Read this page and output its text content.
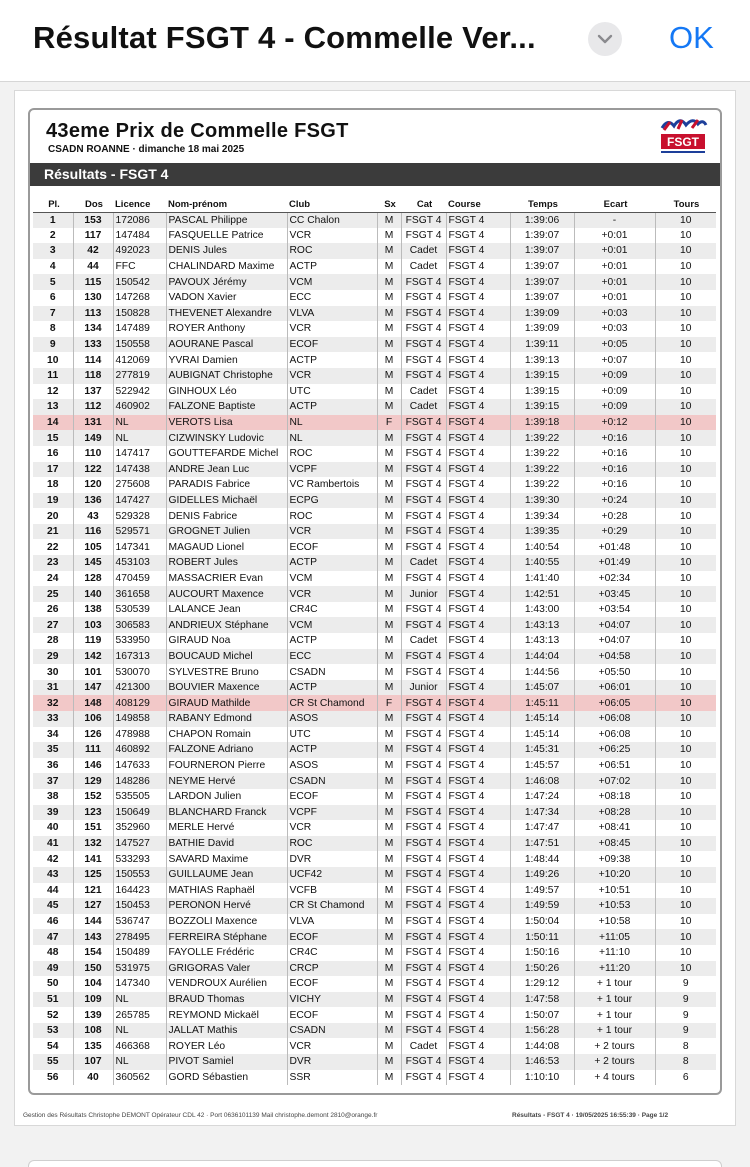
Résultat FSGT 4 - Commelle Ver...	OK
43eme Prix de Commelle FSGT
CSADN ROANNE · dimanche 18 mai 2025
FSGT
Résultats - FSGT 4
Pl.	Dos	Licence	Nom-prénom	Club	Sx	Cat	Course	Temps	Ecart	Tours
1	153	172086	PASCAL Philippe	CC Chalon	M	FSGT 4	FSGT 4	1:39:06	-	10
2	117	147484	FASQUELLE Patrice	VCR	M	FSGT 4	FSGT 4	1:39:07	+0:01	10
3	42	492023	DENIS Jules	ROC	M	Cadet	FSGT 4	1:39:07	+0:01	10
4	44	FFC	CHALINDARD Maxime	ACTP	M	Cadet	FSGT 4	1:39:07	+0:01	10
5	115	150542	PAVOUX Jérémy	VCM	M	FSGT 4	FSGT 4	1:39:07	+0:01	10
6	130	147268	VADON Xavier	ECC	M	FSGT 4	FSGT 4	1:39:07	+0:01	10
7	113	150828	THEVENET Alexandre	VLVA	M	FSGT 4	FSGT 4	1:39:09	+0:03	10
8	134	147489	ROYER Anthony	VCR	M	FSGT 4	FSGT 4	1:39:09	+0:03	10
9	133	150558	AOURANE Pascal	ECOF	M	FSGT 4	FSGT 4	1:39:11	+0:05	10
10	114	412069	YVRAI Damien	ACTP	M	FSGT 4	FSGT 4	1:39:13	+0:07	10
11	118	277819	AUBIGNAT Christophe	VCR	M	FSGT 4	FSGT 4	1:39:15	+0:09	10
12	137	522942	GINHOUX Léo	UTC	M	Cadet	FSGT 4	1:39:15	+0:09	10
13	112	460902	FALZONE Baptiste	ACTP	M	Cadet	FSGT 4	1:39:15	+0:09	10
14	131	NL	VEROTS Lisa	NL	F	FSGT 4	FSGT 4	1:39:18	+0:12	10
15	149	NL	CIZWINSKY Ludovic	NL	M	FSGT 4	FSGT 4	1:39:22	+0:16	10
16	110	147417	GOUTTEFARDE Michel	ROC	M	FSGT 4	FSGT 4	1:39:22	+0:16	10
17	122	147438	ANDRE Jean Luc	VCPF	M	FSGT 4	FSGT 4	1:39:22	+0:16	10
18	120	275608	PARADIS Fabrice	VC Rambertois	M	FSGT 4	FSGT 4	1:39:22	+0:16	10
19	136	147427	GIDELLES Michaël	ECPG	M	FSGT 4	FSGT 4	1:39:30	+0:24	10
20	43	529328	DENIS Fabrice	ROC	M	FSGT 4	FSGT 4	1:39:34	+0:28	10
21	116	529571	GROGNET Julien	VCR	M	FSGT 4	FSGT 4	1:39:35	+0:29	10
22	105	147341	MAGAUD Lionel	ECOF	M	FSGT 4	FSGT 4	1:40:54	+01:48	10
23	145	453103	ROBERT Jules	ACTP	M	Cadet	FSGT 4	1:40:55	+01:49	10
24	128	470459	MASSACRIER Evan	VCM	M	FSGT 4	FSGT 4	1:41:40	+02:34	10
25	140	361658	AUCOURT Maxence	VCR	M	Junior	FSGT 4	1:42:51	+03:45	10
26	138	530539	LALANCE Jean	CR4C	M	FSGT 4	FSGT 4	1:43:00	+03:54	10
27	103	306583	ANDRIEUX Stéphane	VCM	M	FSGT 4	FSGT 4	1:43:13	+04:07	10
28	119	533950	GIRAUD Noa	ACTP	M	Cadet	FSGT 4	1:43:13	+04:07	10
29	142	167313	BOUCAUD Michel	ECC	M	FSGT 4	FSGT 4	1:44:04	+04:58	10
30	101	530070	SYLVESTRE Bruno	CSADN	M	FSGT 4	FSGT 4	1:44:56	+05:50	10
31	147	421300	BOUVIER Maxence	ACTP	M	Junior	FSGT 4	1:45:07	+06:01	10
32	148	408129	GIRAUD Mathilde	CR St Chamond	F	FSGT 4	FSGT 4	1:45:11	+06:05	10
33	106	149858	RABANY Edmond	ASOS	M	FSGT 4	FSGT 4	1:45:14	+06:08	10
34	126	478988	CHAPON Romain	UTC	M	FSGT 4	FSGT 4	1:45:14	+06:08	10
35	111	460892	FALZONE Adriano	ACTP	M	FSGT 4	FSGT 4	1:45:31	+06:25	10
36	146	147633	FOURNERON Pierre	ASOS	M	FSGT 4	FSGT 4	1:45:57	+06:51	10
37	129	148286	NEYME Hervé	CSADN	M	FSGT 4	FSGT 4	1:46:08	+07:02	10
38	152	535505	LARDON Julien	ECOF	M	FSGT 4	FSGT 4	1:47:24	+08:18	10
39	123	150649	BLANCHARD Franck	VCPF	M	FSGT 4	FSGT 4	1:47:34	+08:28	10
40	151	352960	MERLE Hervé	VCR	M	FSGT 4	FSGT 4	1:47:47	+08:41	10
41	132	147527	BATHIE David	ROC	M	FSGT 4	FSGT 4	1:47:51	+08:45	10
42	141	533293	SAVARD Maxime	DVR	M	FSGT 4	FSGT 4	1:48:44	+09:38	10
43	125	150553	GUILLAUME Jean	UCF42	M	FSGT 4	FSGT 4	1:49:26	+10:20	10
44	121	164423	MATHIAS Raphaël	VCFB	M	FSGT 4	FSGT 4	1:49:57	+10:51	10
45	127	150453	PERONON Hervé	CR St Chamond	M	FSGT 4	FSGT 4	1:49:59	+10:53	10
46	144	536747	BOZZOLI Maxence	VLVA	M	FSGT 4	FSGT 4	1:50:04	+10:58	10
47	143	278495	FERREIRA Stéphane	ECOF	M	FSGT 4	FSGT 4	1:50:11	+11:05	10
48	154	150489	FAYOLLE Frédéric	CR4C	M	FSGT 4	FSGT 4	1:50:16	+11:10	10
49	150	531975	GRIGORAS Valer	CRCP	M	FSGT 4	FSGT 4	1:50:26	+11:20	10
50	104	147340	VENDROUX Aurélien	ECOF	M	FSGT 4	FSGT 4	1:29:12	+ 1 tour	9
51	109	NL	BRAUD Thomas	VICHY	M	FSGT 4	FSGT 4	1:47:58	+ 1 tour	9
52	139	265785	REYMOND Mickaël	ECOF	M	FSGT 4	FSGT 4	1:50:07	+ 1 tour	9
53	108	NL	JALLAT Mathis	CSADN	M	FSGT 4	FSGT 4	1:56:28	+ 1 tour	9
54	135	466368	ROYER Léo	VCR	M	Cadet	FSGT 4	1:44:08	+ 2 tours	8
55	107	NL	PIVOT Samiel	DVR	M	FSGT 4	FSGT 4	1:46:53	+ 2 tours	8
56	40	360562	GORD Sébastien	SSR	M	FSGT 4	FSGT 4	1:10:10	+ 4 tours	6
Gestion des Résultats Christophe DEMONT Opérateur CDL 42 · Port 0636101139 Mail christophe.demont 2810@orange.fr	Résultats - FSGT 4 · 19/05/2025 16:55:39 · Page 1/2
